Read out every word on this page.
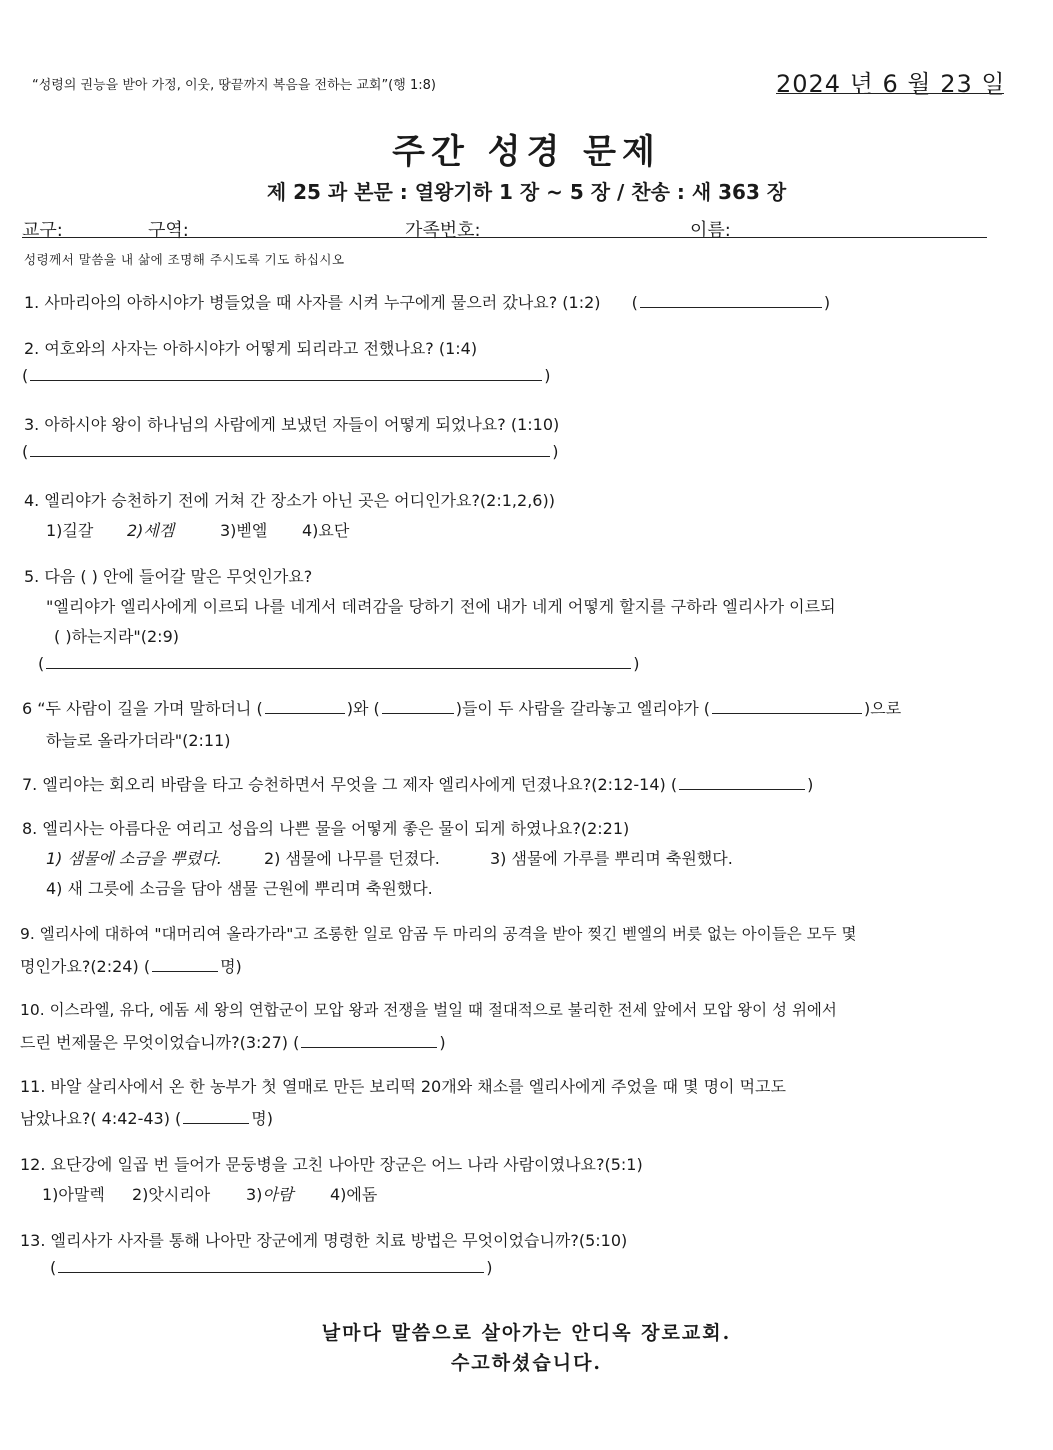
“성령의 권능을 받아 가정, 이웃, 땅끝까지 복음을 전하는 교회”(행 1:8)	2024 년 6 월 23 일
주간 성경 문제
제 25 과 본문 : 열왕기하 1 장 ~ 5 장 / 찬송 : 새 363 장
교구:	구역:	가족번호:	이름:
성령께서 말씀을 내 삶에 조명해 주시도록 기도 하십시오
1. 사마리아의 아하시야가 병들었을 때 사자를 시켜 누구에게 물으러 갔나요? (1:2) (	)
2. 여호와의 사자는 아하시야가 어떻게 되리라고 전했나요? (1:4)
(	)
3. 아하시야 왕이 하나님의 사람에게 보냈던 자들이 어떻게 되었나요? (1:10)
(	)
4. 엘리야가 승천하기 전에 거쳐 간 장소가 아닌 곳은 어디인가요?(2:1,2,6))
1)길갈 2)세겜	3)벧엘 4)요단
5. 다음 ( ) 안에 들어갈 말은 무엇인가요?
"엘리야가 엘리사에게 이르되 나를 네게서 데려감을 당하기 전에 내가 네게 어떻게 할지를 구하라 엘리사가 이르되
( )하는지라"(2:9)
(	)
6 “두 사람이 길을 가며 말하더니 (	)와 (	)들이 두 사람을 갈라놓고 엘리야가 (	)으로
하늘로 올라가더라"(2:11)
7. 엘리야는 회오리 바람을 타고 승천하면서 무엇을 그 제자 엘리사에게 던졌나요?(2:12-14) (	)
8. 엘리사는 아름다운 여리고 성읍의 나쁜 물을 어떻게 좋은 물이 되게 하였나요?(2:21)
1) 샘물에 소금을 뿌렸다.	2) 샘물에 나무를 던졌다.	3) 샘물에 가루를 뿌리며 축원했다.
4) 새 그릇에 소금을 담아 샘물 근원에 뿌리며 축원했다.
9. 엘리사에 대하여 "대머리여 올라가라"고 조롱한 일로 암곰 두 마리의 공격을 받아 찢긴 벧엘의 버릇 없는 아이들은 모두 몇
명인가요?(2:24) (	명)
10. 이스라엘, 유다, 에돔 세 왕의 연합군이 모압 왕과 전쟁을 벌일 때 절대적으로 불리한 전세 앞에서 모압 왕이 성 위에서
드린 번제물은 무엇이었습니까?(3:27) (	)
11. 바알 살리사에서 온 한 농부가 첫 열매로 만든 보리떡 20개와 채소를 엘리사에게 주었을 때 몇 명이 먹고도
남았나요?( 4:42-43) (	명)
12. 요단강에 일곱 번 들어가 문둥병을 고친 나아만 장군은 어느 나라 사람이였나요?(5:1)
1)아말렉 2)앗시리아 3)아람 4)에돔
13. 엘리사가 사자를 통해 나아만 장군에게 명령한 치료 방법은 무엇이었습니까?(5:10)
(	)
날마다 말씀으로 살아가는 안디옥 장로교회.
수고하셨습니다.
